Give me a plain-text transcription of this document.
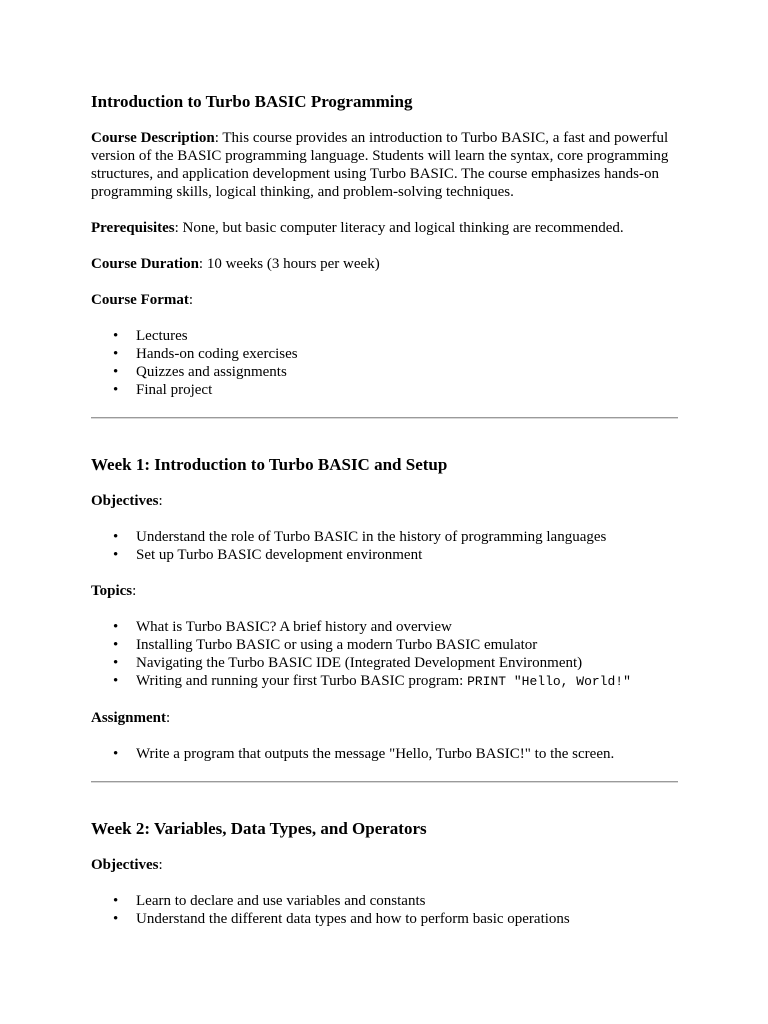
Introduction to Turbo BASIC Programming

Course Description: This course provides an introduction to Turbo BASIC, a fast and powerful version of the BASIC programming language. Students will learn the syntax, core programming structures, and application development using Turbo BASIC. The course emphasizes hands-on programming skills, logical thinking, and problem-solving techniques.

Prerequisites: None, but basic computer literacy and logical thinking are recommended.

Course Duration: 10 weeks (3 hours per week)

Course Format:

• Lectures
• Hands-on coding exercises
• Quizzes and assignments
• Final project
Week 1: Introduction to Turbo BASIC and Setup

Objectives:

• Understand the role of Turbo BASIC in the history of programming languages
• Set up Turbo BASIC development environment

Topics:

• What is Turbo BASIC? A brief history and overview
• Installing Turbo BASIC or using a modern Turbo BASIC emulator
• Navigating the Turbo BASIC IDE (Integrated Development Environment)
• Writing and running your first Turbo BASIC program: PRINT "Hello, World!"

Assignment:

• Write a program that outputs the message "Hello, Turbo BASIC!" to the screen.
Week 2: Variables, Data Types, and Operators

Objectives:

• Learn to declare and use variables and constants
• Understand the different data types and how to perform basic operations
